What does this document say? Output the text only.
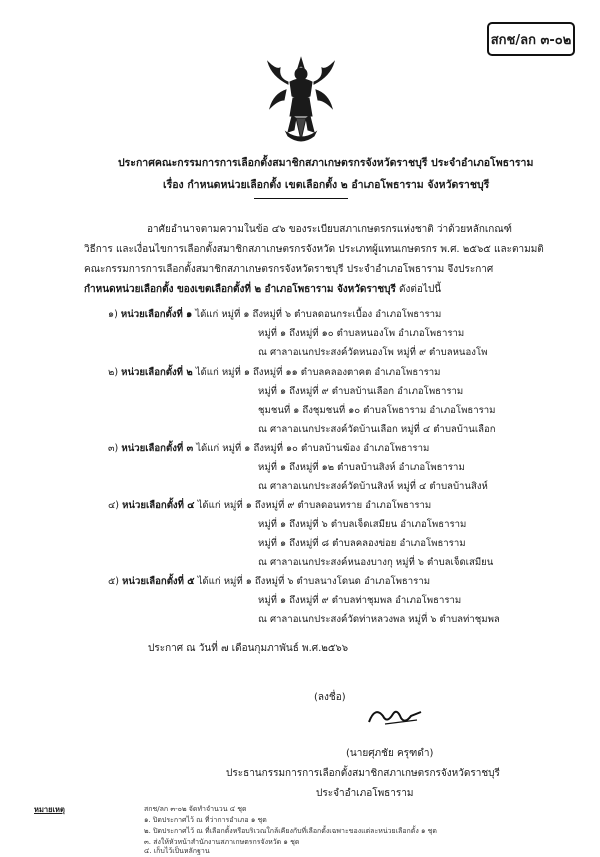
สกช/ลก ๓-๐๒
ประกาศคณะกรรมการการเลือกตั้งสมาชิกสภาเกษตรกรจังหวัดราชบุรี ประจำอำเภอโพธาราม
เรื่อง กำหนดหน่วยเลือกตั้ง เขตเลือกตั้ง ๒ อำเภอโพธาราม จังหวัดราชบุรี
อาศัยอำนาจตามความในข้อ ๔๖ ของระเบียบสภาเกษตรกรแห่งชาติ ว่าด้วยหลักเกณฑ์
วิธีการ และเงื่อนไขการเลือกตั้งสมาชิกสภาเกษตรกรจังหวัด ประเภทผู้แทนเกษตรกร พ.ศ. ๒๕๖๕ และตามมติ
คณะกรรมการการเลือกตั้งสมาชิกสภาเกษตรกรจังหวัดราชบุรี ประจำอำเภอโพธาราม จึงประกาศ
กำหนดหน่วยเลือกตั้ง ของเขตเลือกตั้งที่ ๒ อำเภอโพธาราม จังหวัดราชบุรี ดังต่อไปนี้
๑) หน่วยเลือกตั้งที่ ๑ ได้แก่ หมู่ที่ ๑ ถึงหมู่ที่ ๖ ตำบลดอนกระเบื้อง อำเภอโพธาราม
หมู่ที่ ๑ ถึงหมู่ที่ ๑๐ ตำบลหนองโพ อำเภอโพธาราม
ณ ศาลาอเนกประสงค์วัดหนองโพ หมู่ที่ ๙ ตำบลหนองโพ
๒) หน่วยเลือกตั้งที่ ๒ ได้แก่ หมู่ที่ ๑ ถึงหมู่ที่ ๑๑ ตำบลคลองตาคต อำเภอโพธาราม
หมู่ที่ ๑ ถึงหมู่ที่ ๙ ตำบลบ้านเลือก อำเภอโพธาราม
ชุมชนที่ ๑ ถึงชุมชนที่ ๑๐ ตำบลโพธาราม อำเภอโพธาราม
ณ ศาลาอเนกประสงค์วัดบ้านเลือก หมู่ที่ ๔ ตำบลบ้านเลือก
๓) หน่วยเลือกตั้งที่ ๓ ได้แก่ หมู่ที่ ๑ ถึงหมู่ที่ ๑๐ ตำบลบ้านฆ้อง อำเภอโพธาราม
หมู่ที่ ๑ ถึงหมู่ที่ ๑๒ ตำบลบ้านสิงห์ อำเภอโพธาราม
ณ ศาลาอเนกประสงค์วัดบ้านสิงห์ หมู่ที่ ๔ ตำบลบ้านสิงห์
๔) หน่วยเลือกตั้งที่ ๔ ได้แก่ หมู่ที่ ๑ ถึงหมู่ที่ ๙ ตำบลดอนทราย อำเภอโพธาราม
หมู่ที่ ๑ ถึงหมู่ที่ ๖ ตำบลเจ็ดเสมียน อำเภอโพธาราม
หมู่ที่ ๑ ถึงหมู่ที่ ๘ ตำบลคลองข่อย อำเภอโพธาราม
ณ ศาลาอเนกประสงค์หนองบางกุ หมู่ที่ ๖ ตำบลเจ็ดเสมียน
๕) หน่วยเลือกตั้งที่ ๕ ได้แก่ หมู่ที่ ๑ ถึงหมู่ที่ ๖ ตำบลนางโดนด อำเภอโพธาราม
หมู่ที่ ๑ ถึงหมู่ที่ ๙ ตำบลท่าชุมพล อำเภอโพธาราม
ณ ศาลาอเนกประสงค์วัดท่าหลวงพล หมู่ที่ ๖ ตำบลท่าชุมพล
ประกาศ ณ วันที่ ๗ เดือนกุมภาพันธ์ พ.ศ.๒๕๖๖
(ลงชื่อ)
(นายศุภชัย ครุฑดำ)
ประธานกรรมการการเลือกตั้งสมาชิกสภาเกษตรกรจังหวัดราชบุรี
ประจำอำเภอโพธาราม
หมายเหตุ	สกช/ลก ๓-๐๒ จัดทำจำนวน ๔ ชุด
๑. ปิดประกาศไว้ ณ ที่ว่าการอำเภอ ๑ ชุด
๒. ปิดประกาศไว้ ณ ที่เลือกตั้งหรือบริเวณใกล้เคียงกับที่เลือกตั้งเฉพาะของแต่ละหน่วยเลือกตั้ง ๑ ชุด
๓. ส่งให้หัวหน้าสำนักงานสภาเกษตรกรจังหวัด ๑ ชุด
๔. เก็บไว้เป็นหลักฐาน
